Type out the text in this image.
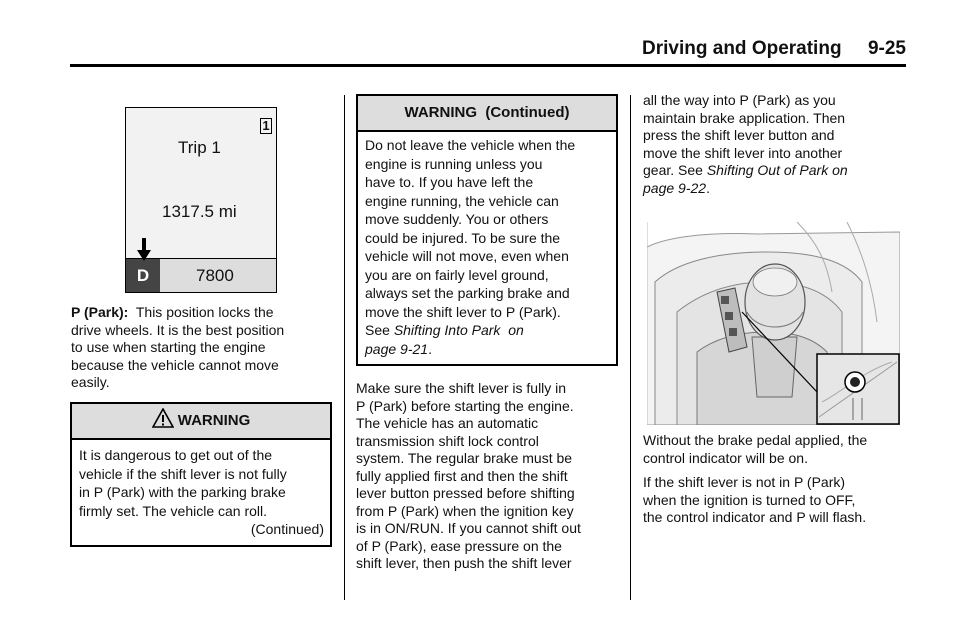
Driving and Operating 9-25
1
Trip 1
1317.5 mi
D	7800
P (Park):  This position locks the
drive wheels. It is the best position
to use when starting the engine
because the vehicle cannot move
easily.
WARNING
It is dangerous to get out of the
vehicle if the shift lever is not fully
in P (Park) with the parking brake
firmly set. The vehicle can roll.
(Continued)
WARNING  (Continued)
Do not leave the vehicle when the
engine is running unless you
have to. If you have left the
engine running, the vehicle can
move suddenly. You or others
could be injured. To be sure the
vehicle will not move, even when
you are on fairly level ground,
always set the parking brake and
move the shift lever to P (Park).
See Shifting Into Park  on
page 9-21.
Make sure the shift lever is fully in
P (Park) before starting the engine.
The vehicle has an automatic
transmission shift lock control
system. The regular brake must be
fully applied first and then the shift
lever button pressed before shifting
from P (Park) when the ignition key
is in ON/RUN. If you cannot shift out
of P (Park), ease pressure on the
shift lever, then push the shift lever
all the way into P (Park) as you
maintain brake application. Then
press the shift lever button and
move the shift lever into another
gear. See Shifting Out of Park on
page 9-22.
Without the brake pedal applied, the
control indicator will be on.
If the shift lever is not in P (Park)
when the ignition is turned to OFF,
the control indicator and P will flash.
